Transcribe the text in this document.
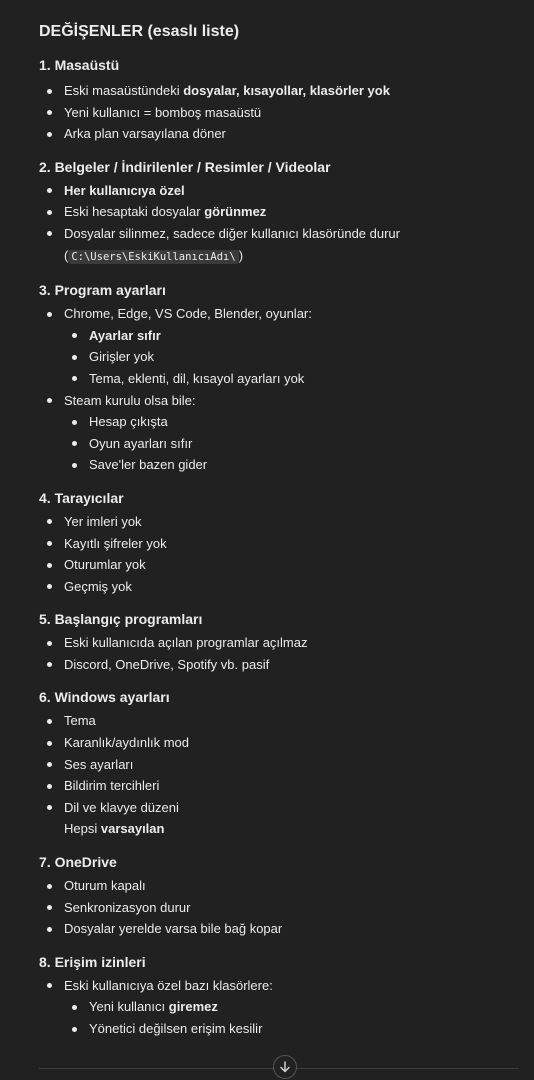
DEĞİŞENLER (esaslı liste)
1. Masaüstü
Eski masaüstündeki dosyalar, kısayollar, klasörler yok
Yeni kullanıcı = bombоş masaüstü
Arka plan varsayılana döner
2. Belgeler / İndirilenler / Resimler / Videolar
Her kullanıcıya özel
Eski hesaptaki dosyalar görünmez
Dosyalar silinmez, sadece diğer kullanıcı klasöründe durur
( C:\Users\EskiKullanıcıAdı\ )
3. Program ayarları
Chrome, Edge, VS Code, Blender, oyunlar:
Ayarlar sıfır
Girişler yok
Tema, eklenti, dil, kısayol ayarları yok
Steam kurulu olsa bile:
Hesap çıkışta
Oyun ayarları sıfır
Save'ler bazen gider
4. Tarayıcılar
Yer imleri yok
Kayıtlı şifreler yok
Oturumlar yok
Geçmiş yok
5. Başlangıç programları
Eski kullanıcıda açılan programlar açılmaz
Discord, OneDrive, Spotify vb. pasif
6. Windows ayarları
Tema
Karanlık/aydınlık mod
Ses ayarları
Bildirim tercihleri
Dil ve klavye düzeni
Hepsi varsayılan
7. OneDrive
Oturum kapalı
Senkronizasyon durur
Dosyalar yerelde varsa bile bağ kopar
8. Erişim izinleri
Eski kullanıcıya özel bazı klasörlere:
Yeni kullanıcı giremez
Yönetici değilsen erişim kesilir
